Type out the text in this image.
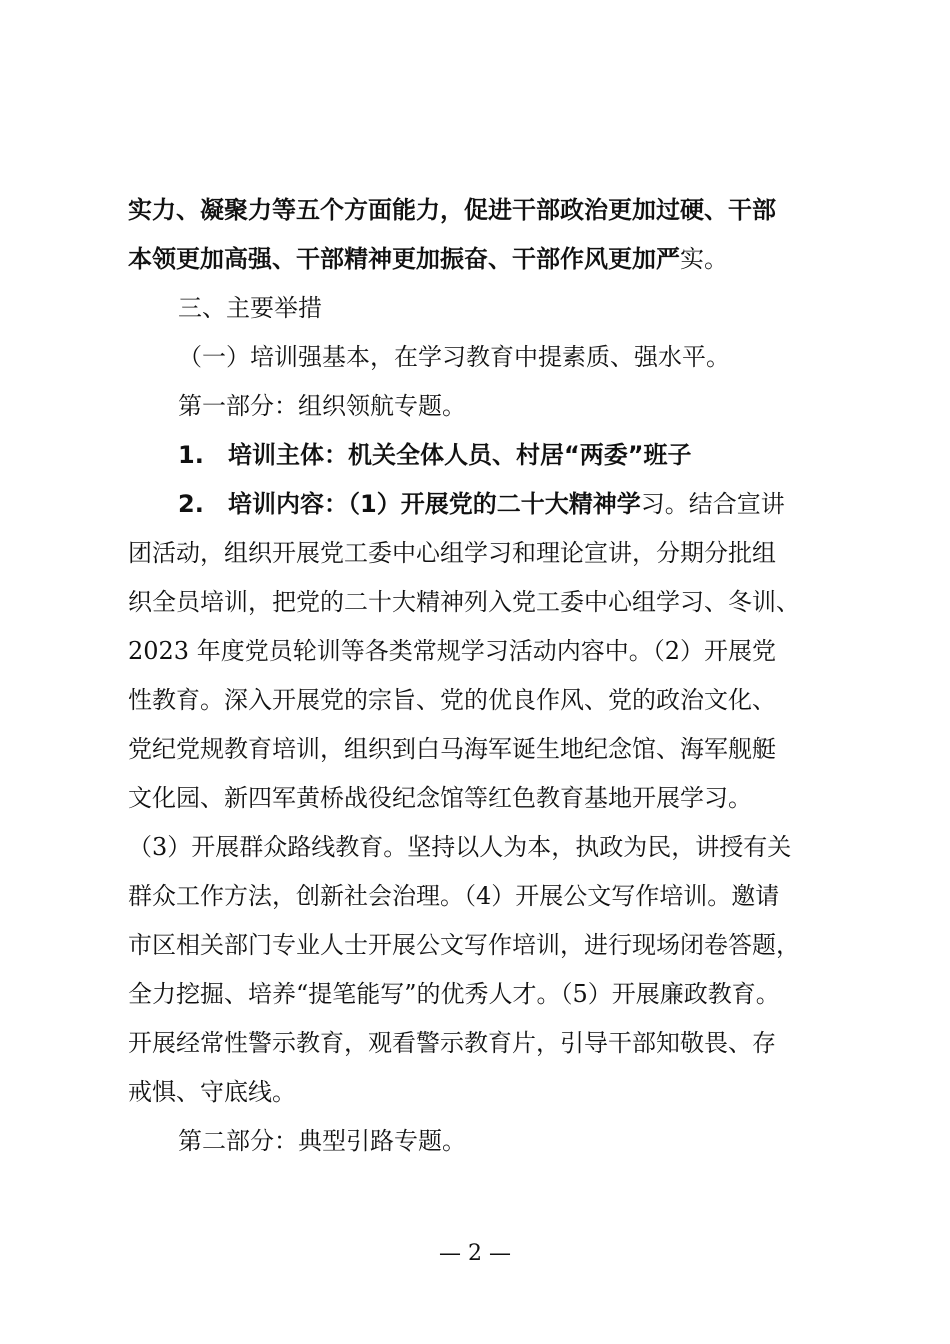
实力、凝聚力等五个方面能力，促进干部政治更加过硬、干部
本领更加高强、干部精神更加振奋、干部作风更加严实。
三、主要举措
（一）培训强基本，在学习教育中提素质、强水平。
第一部分：组织领航专题。
1. 培训主体：机关全体人员、村居“两委”班子
2. 培训内容：（1）开展党的二十大精神学习。结合宣讲
团活动，组织开展党工委中心组学习和理论宣讲，分期分批组
织全员培训，把党的二十大精神列入党工委中心组学习、冬训、
2023 年度党员轮训等各类常规学习活动内容中。（2）开展党
性教育。深入开展党的宗旨、党的优良作风、党的政治文化、
党纪党规教育培训，组织到白马海军诞生地纪念馆、海军舰艇
文化园、新四军黄桥战役纪念馆等红色教育基地开展学习。
（3）开展群众路线教育。坚持以人为本，执政为民，讲授有关
群众工作方法，创新社会治理。（4）开展公文写作培训。邀请
市区相关部门专业人士开展公文写作培训，进行现场闭卷答题，
全力挖掘、培养“提笔能写”的优秀人才。（5）开展廉政教育。
开展经常性警示教育，观看警示教育片，引导干部知敬畏、存
戒惧、守底线。
第二部分：典型引路专题。
— 2 —
